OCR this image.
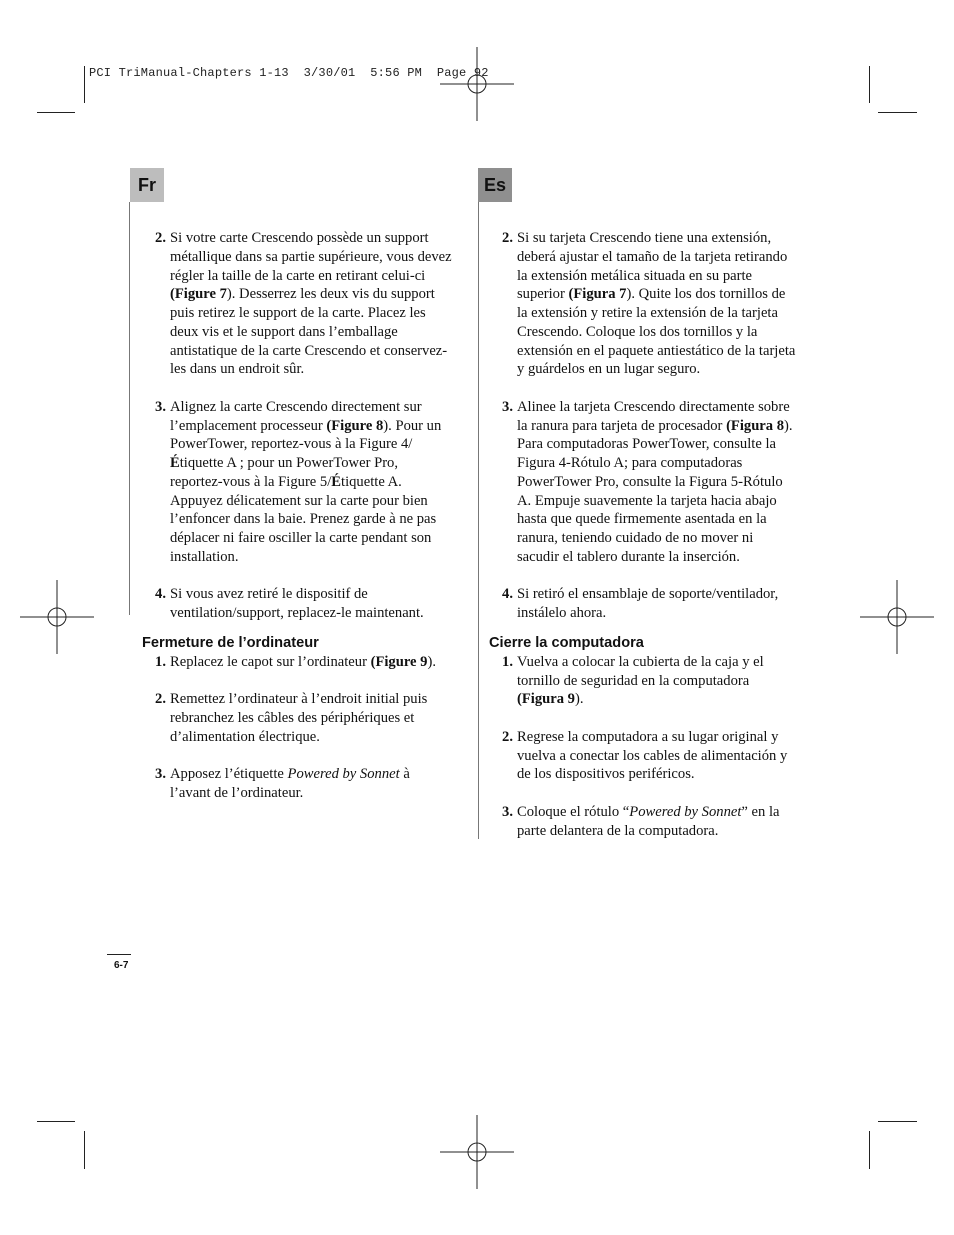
PCI TriManual-Chapters 1-13  3/30/01  5:56 PM  Page 92
Fr	Es

2. Si votre carte Crescendo possède un support métallique dans sa partie supérieure, vous devez régler la taille de la carte en retirant celui-ci (Figure 7). Desserrez les deux vis du support puis retirez le support de la carte. Placez les deux vis et le support dans l’emballage antistatique de la carte Crescendo et conservez-les dans un endroit sûr.

3. Alignez la carte Crescendo directement sur l’emplacement processeur (Figure 8). Pour un PowerTower, reportez-vous à la Figure 4/Étiquette A ; pour un PowerTower Pro, reportez-vous à la Figure 5/Étiquette A. Appuyez délicatement sur la carte pour bien l’enfoncer dans la baie. Prenez garde à ne pas déplacer ni faire osciller la carte pendant son installation.

4. Si vous avez retiré le dispositif de ventilation/support, replacez-le maintenant.

Fermeture de l’ordinateur

1. Replacez le capot sur l’ordinateur (Figure 9).

2. Remettez l’ordinateur à l’endroit initial puis rebranchez les câbles des périphériques et d’alimentation électrique.

3. Apposez l’étiquette Powered by Sonnet à l’avant de l’ordinateur.

2. Si su tarjeta Crescendo tiene una extensión, deberá ajustar el tamaño de la tarjeta retirando la extensión metálica situada en su parte superior (Figura 7). Quite los dos tornillos de la extensión y retire la extensión de la tarjeta Crescendo. Coloque los dos tornillos y la extensión en el paquete antiestático de la tarjeta y guárdelos en un lugar seguro.

3. Alinee la tarjeta Crescendo directamente sobre la ranura para tarjeta de procesador (Figura 8). Para computadoras PowerTower, consulte la Figura 4-Rótulo A; para computadoras PowerTower Pro, consulte la Figura 5-Rótulo A. Empuje suavemente la tarjeta hacia abajo hasta que quede firmemente asentada en la ranura, teniendo cuidado de no mover ni sacudir el tablero durante la inserción.

4. Si retiró el ensamblaje de soporte/ventilador, instálelo ahora.

Cierre la computadora

1. Vuelva a colocar la cubierta de la caja y el tornillo de seguridad en la computadora (Figura 9).

2. Regrese la computadora a su lugar original y vuelva a conectar los cables de alimentación y de los dispositivos periféricos.

3. Coloque el rótulo “Powered by Sonnet” en la parte delantera de la computadora.

6-7
